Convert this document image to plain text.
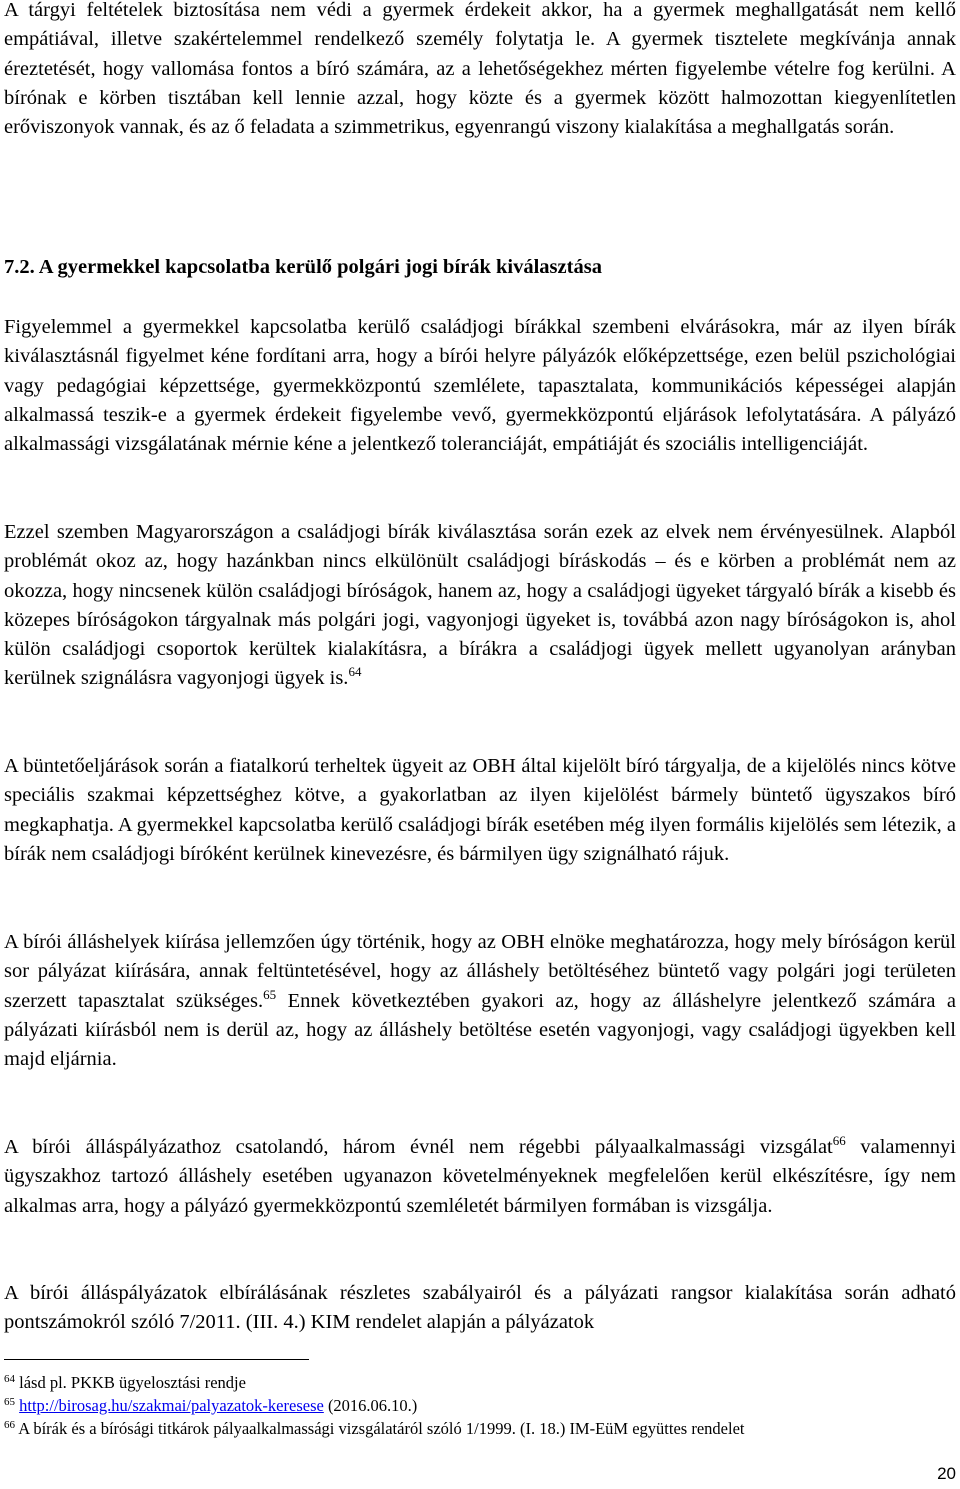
A tárgyi feltételek biztosítása nem védi a gyermek érdekeit akkor, ha a gyermek meghallgatását nem kellő empátiával, illetve szakértelemmel rendelkező személy folytatja le. A gyermek tisztelete megkívánja annak éreztetését, hogy vallomása fontos a bíró számára, az a lehetőségekhez mérten figyelembe vételre fog kerülni. A bírónak e körben tisztában kell lennie azzal, hogy közte és a gyermek között halmozottan kiegyenlítetlen erőviszonyok vannak, és az ő feladata a szimmetrikus, egyenrangú viszony kialakítása a meghallgatás során.

7.2. A gyermekkel kapcsolatba kerülő polgári jogi bírák kiválasztása

Figyelemmel a gyermekkel kapcsolatba kerülő családjogi bírákkal szembeni elvárásokra, már az ilyen bírák kiválasztásnál figyelmet kéne fordítani arra, hogy a bírói helyre pályázók előképzettsége, ezen belül pszichológiai vagy pedagógiai képzettsége, gyermekközpontú szemlélete, tapasztalata, kommunikációs képességei alapján alkalmassá teszik-e a gyermek érdekeit figyelembe vevő, gyermekközpontú eljárások lefolytatására. A pályázó alkalmassági vizsgálatának mérnie kéne a jelentkező toleranciáját, empátiáját és szociális intelligenciáját.

Ezzel szemben Magyarországon a családjogi bírák kiválasztása során ezek az elvek nem érvényesülnek. Alapból problémát okoz az, hogy hazánkban nincs elkülönült családjogi bíráskodás – és e körben a problémát nem az okozza, hogy nincsenek külön családjogi bíróságok, hanem az, hogy a családjogi ügyeket tárgyaló bírák a kisebb és közepes bíróságokon tárgyalnak más polgári jogi, vagyonjogi ügyeket is, továbbá azon nagy bíróságokon is, ahol külön családjogi csoportok kerültek kialakításra, a bírákra a családjogi ügyek mellett ugyanolyan arányban kerülnek szignálásra vagyonjogi ügyek is.$^{64}$

A büntetőeljárások során a fiatalkorú terheltek ügyeit az OBH által kijelölt bíró tárgyalja, de a kijelölés nincs kötve speciális szakmai képzettséghez kötve, a gyakorlatban az ilyen kijelölést bármely büntető ügyszakos bíró megkaphatja. A gyermekkel kapcsolatba kerülő családjogi bírák esetében még ilyen formális kijelölés sem létezik, a bírák nem családjogi bíróként kerülnek kinevezésre, és bármilyen ügy szignálható rájuk.

A bírói álláshelyek kiírása jellemzően úgy történik, hogy az OBH elnöke meghatározza, hogy mely bíróságon kerül sor pályázat kiírására, annak feltüntetésével, hogy az álláshely betöltéséhez büntető vagy polgári jogi területen szerzett tapasztalat szükséges.$^{65}$ Ennek következtében gyakori az, hogy az álláshelyre jelentkező számára a pályázati kiírásból nem is derül az, hogy az álláshely betöltése esetén vagyonjogi, vagy családjogi ügyekben kell majd eljárnia.

A bírói álláspályázathoz csatolandó, három évnél nem régebbi pályaalkalmassági vizsgálat$^{66}$ valamennyi ügyszakhoz tartozó álláshely esetében ugyanazon követelményeknek megfelelően kerül elkészítésre, így nem alkalmas arra, hogy a pályázó gyermekközpontú szemléletét bármilyen formában is vizsgálja.

A bírói álláspályázatok elbírálásának részletes szabályairól és a pályázati rangsor kialakítása során adható pontszámokról szóló 7/2011. (III. 4.) KIM rendelet alapján a pályázatok

$^{64}$ lásd pl. PKKB ügyelosztási rendje
$^{65}$ http://birosag.hu/szakmai/palyazatok-keresese (2016.06.10.)
$^{66}$ A bírák és a bírósági titkárok pályaalkalmassági vizsgálatáról szóló 1/1999. (I. 18.) IM-EüM együttes rendelet
20
